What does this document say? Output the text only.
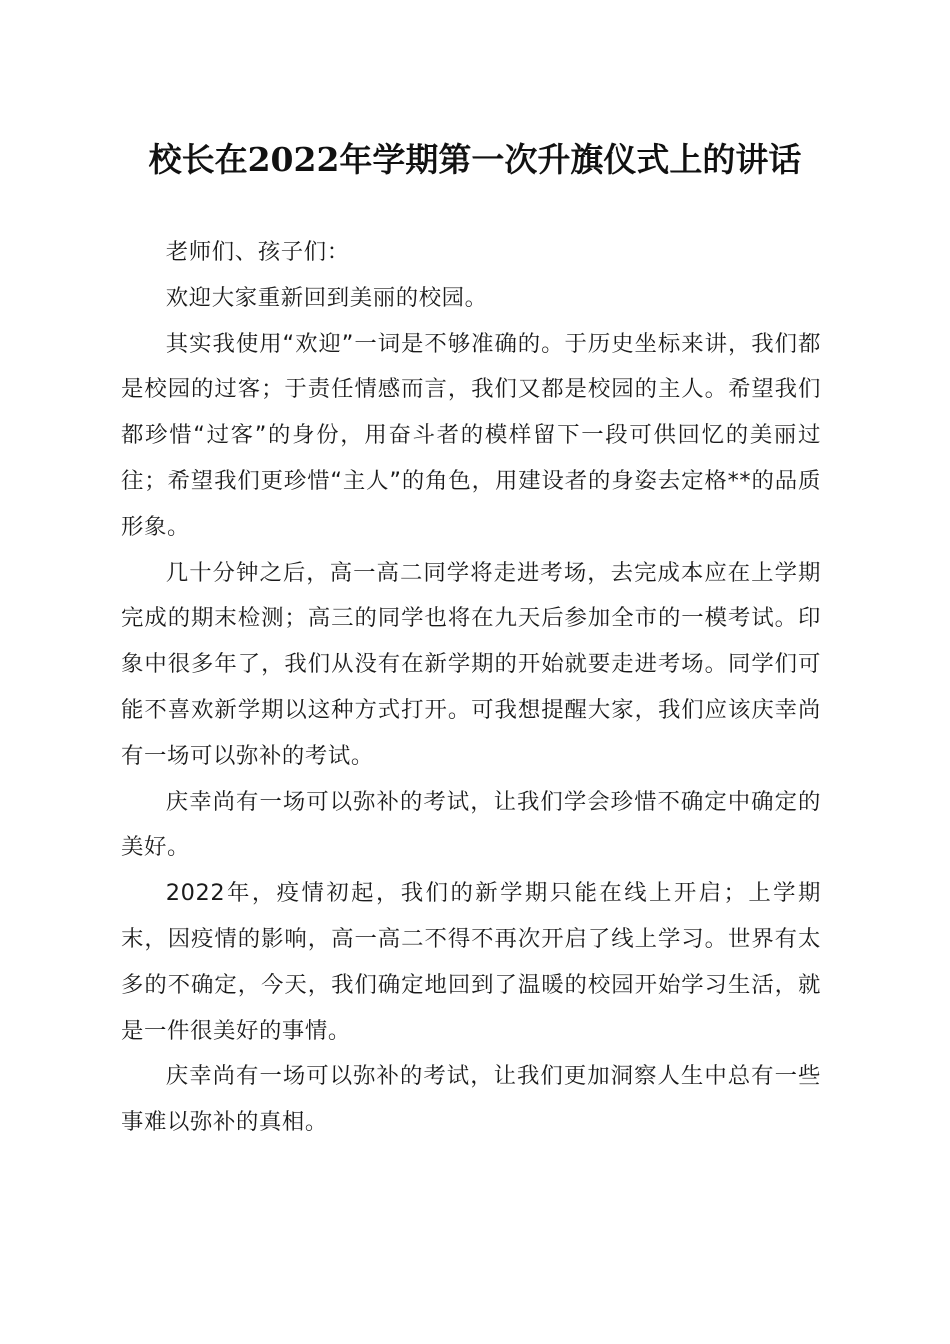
校长在2022年学期第一次升旗仪式上的讲话

老师们、孩子们：

欢迎大家重新回到美丽的校园。

其实我使用“欢迎”一词是不够准确的。于历史坐标来讲，我们都是校园的过客；于责任情感而言，我们又都是校园的主人。希望我们都珍惜“过客”的身份，用奋斗者的模样留下一段可供回忆的美丽过往；希望我们更珍惜“主人”的角色，用建设者的身姿去定格**的品质形象。

几十分钟之后，高一高二同学将走进考场，去完成本应在上学期完成的期末检测；高三的同学也将在九天后参加全市的一模考试。印象中很多年了，我们从没有在新学期的开始就要走进考场。同学们可能不喜欢新学期以这种方式打开。可我想提醒大家，我们应该庆幸尚有一场可以弥补的考试。

庆幸尚有一场可以弥补的考试，让我们学会珍惜不确定中确定的美好。

2022年，疫情初起，我们的新学期只能在线上开启；上学期末，因疫情的影响，高一高二不得不再次开启了线上学习。世界有太多的不确定，今天，我们确定地回到了温暖的校园开始学习生活，就是一件很美好的事情。

庆幸尚有一场可以弥补的考试，让我们更加洞察人生中总有一些事难以弥补的真相。
